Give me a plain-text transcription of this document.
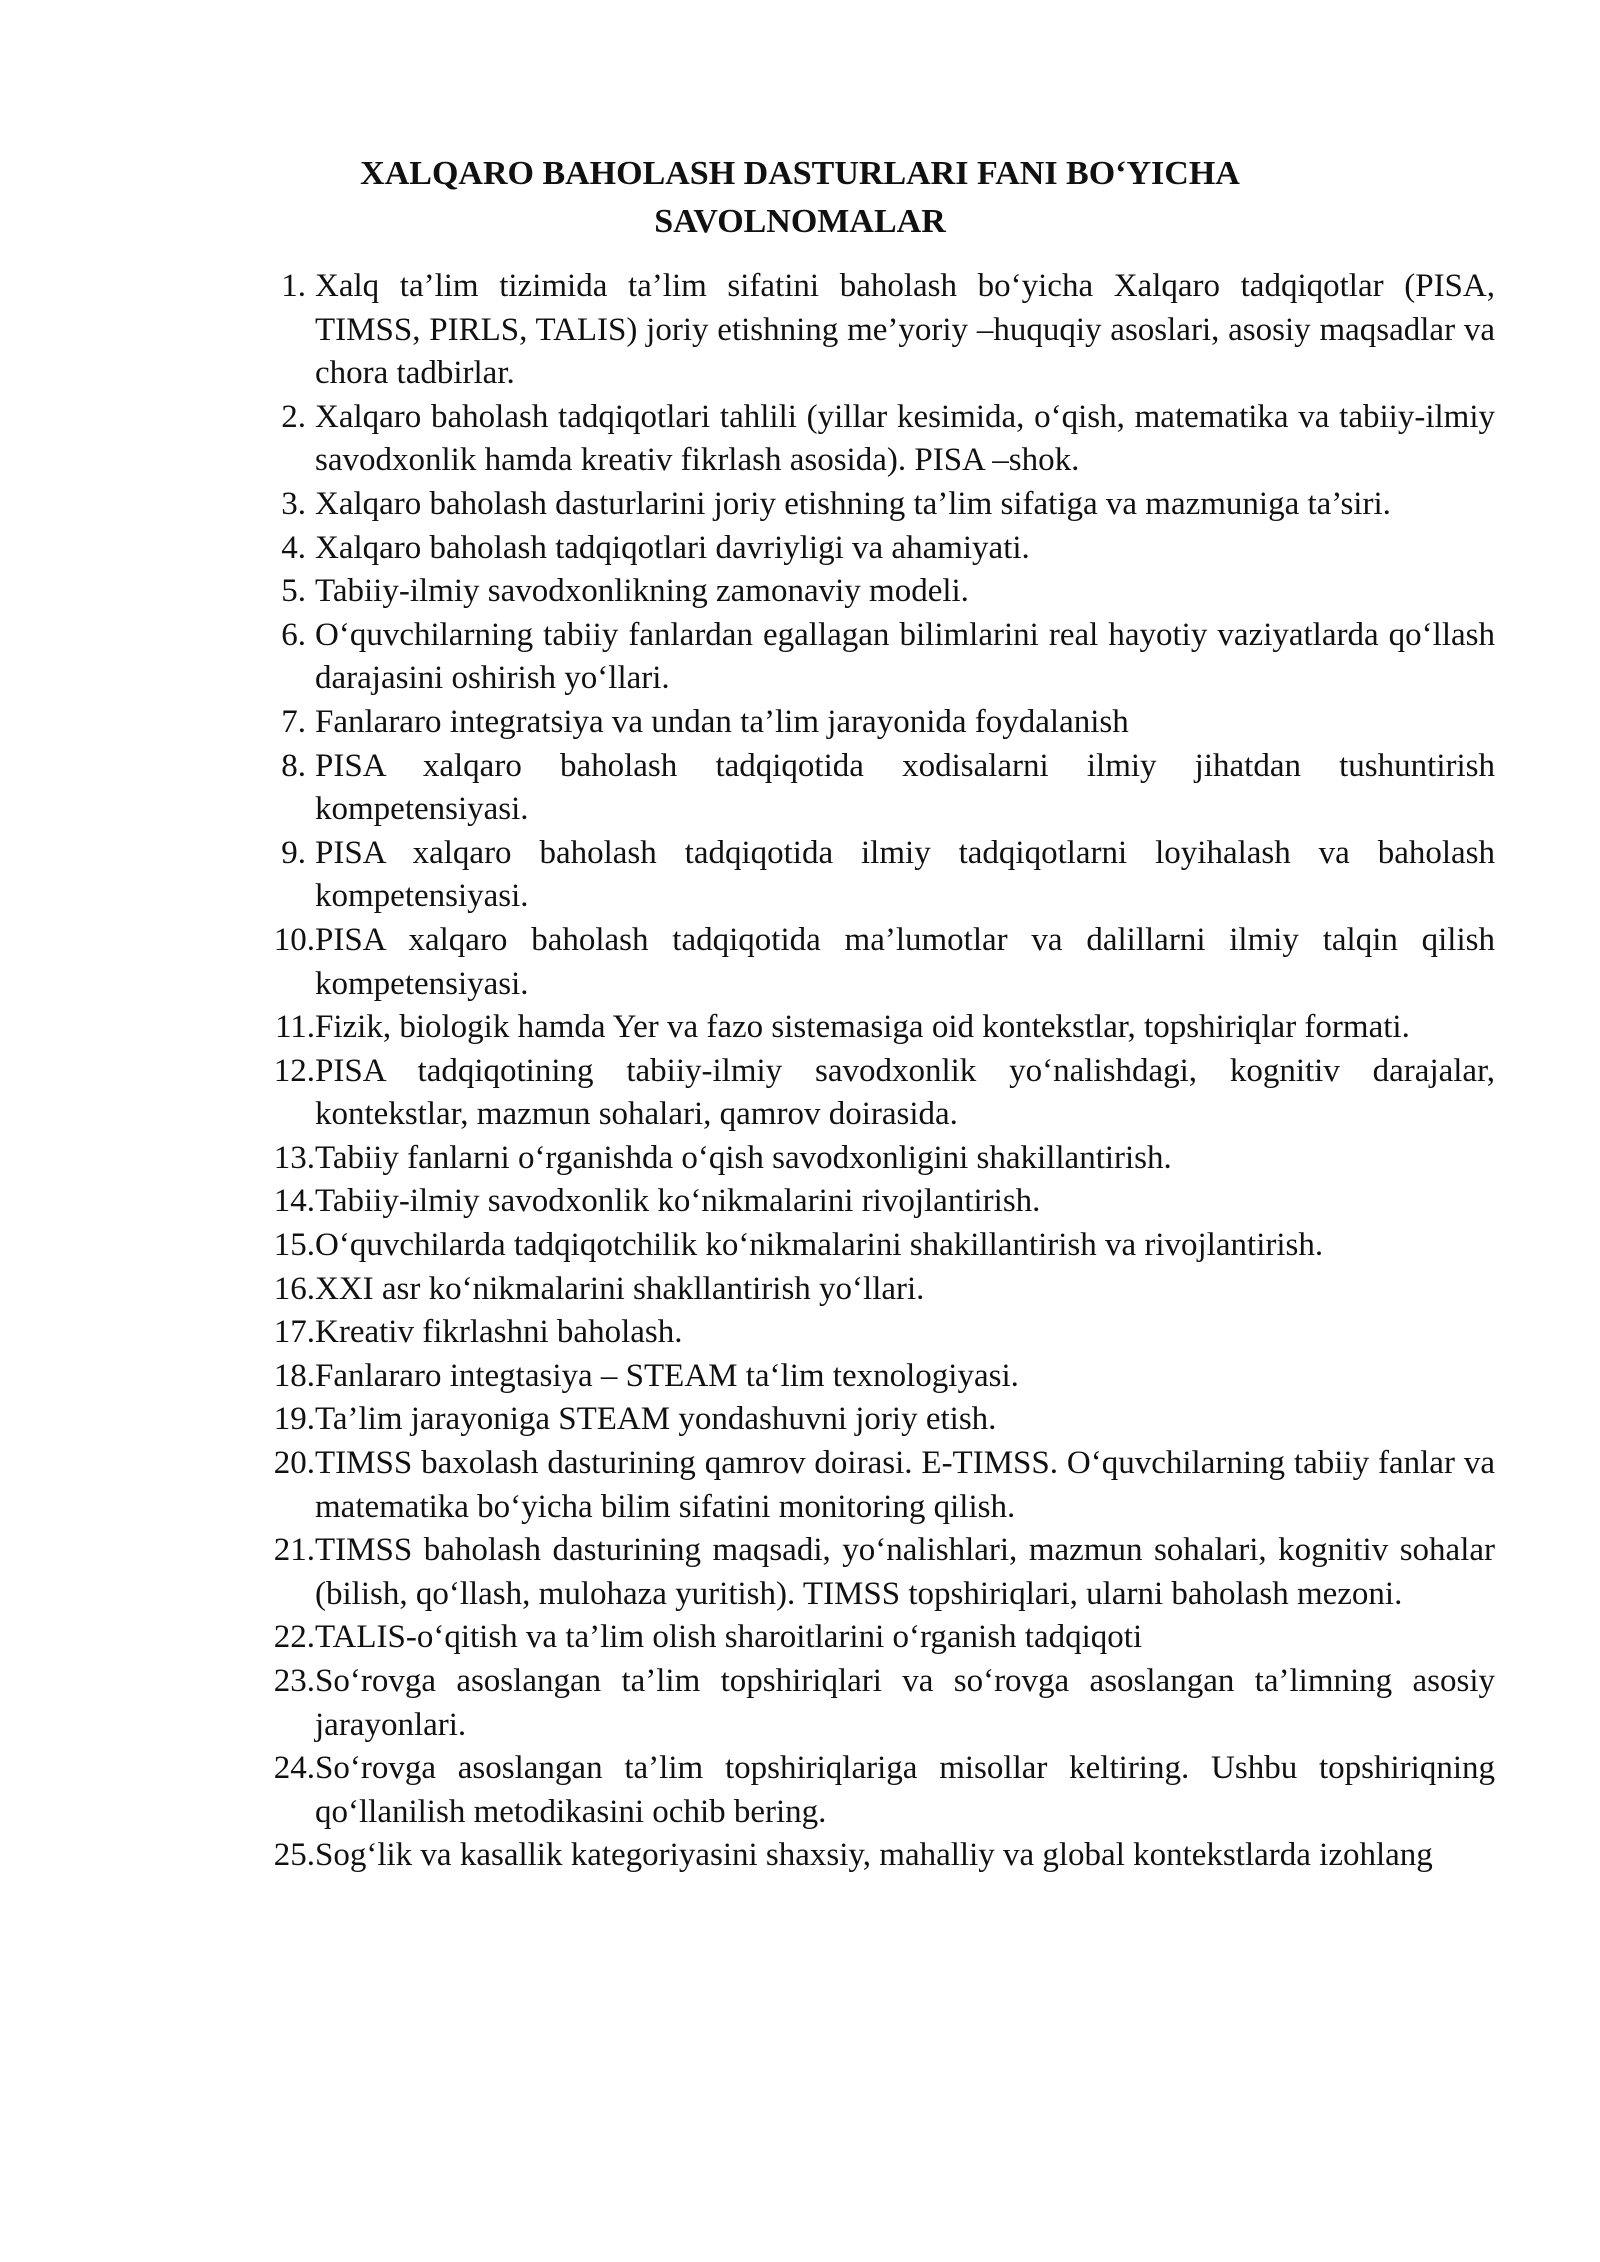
XALQARO BAHOLASH DASTURLARI FANI BO‘YICHA
SAVOLNOMALAR
1. Xalq ta’lim tizimida ta’lim sifatini baholash bo‘yicha Xalqaro tadqiqotlar (PISA, TIMSS, PIRLS, TALIS) joriy etishning me’yoriy –huquqiy asoslari, asosiy maqsadlar va chora tadbirlar.
2. Xalqaro baholash tadqiqotlari tahlili (yillar kesimida, o‘qish, matematika va tabiiy-ilmiy savodxonlik hamda kreativ fikrlash asosida). PISA –shok.
3. Xalqaro baholash dasturlarini joriy etishning ta’lim sifatiga va mazmuniga ta’siri.
4. Xalqaro baholash tadqiqotlari davriyligi va ahamiyati.
5. Tabiiy-ilmiy savodxonlikning zamonaviy modeli.
6. O‘quvchilarning tabiiy fanlardan egallagan bilimlarini real hayotiy vaziyatlarda qo‘llash darajasini oshirish yo‘llari.
7. Fanlararo integratsiya va undan ta’lim jarayonida foydalanish
8. PISA xalqaro baholash tadqiqotida xodisalarni ilmiy jihatdan tushuntirish kompetensiyasi.
9. PISA xalqaro baholash tadqiqotida ilmiy tadqiqotlarni loyihalash va baholash kompetensiyasi.
10. PISA xalqaro baholash tadqiqotida ma’lumotlar va dalillarni ilmiy talqin qilish kompetensiyasi.
11. Fizik, biologik hamda Yer va fazo sistemasiga oid kontekstlar, topshiriqlar formati.
12. PISA tadqiqotining tabiiy-ilmiy savodxonlik yo‘nalishdagi, kognitiv darajalar, kontekstlar, mazmun sohalari, qamrov doirasida.
13. Tabiiy fanlarni o‘rganishda o‘qish savodxonligini shakillantirish.
14. Tabiiy-ilmiy savodxonlik ko‘nikmalarini rivojlantirish.
15. O‘quvchilarda tadqiqotchilik ko‘nikmalarini shakillantirish va rivojlantirish.
16. XXI asr ko‘nikmalarini shakllantirish yo‘llari.
17. Kreativ fikrlashni baholash.
18. Fanlararo integtasiya – STEAM ta‘lim texnologiyasi.
19. Ta’lim jarayoniga STEAM yondashuvni joriy etish.
20. TIMSS baxolash dasturining qamrov doirasi. E-TIMSS. O‘quvchilarning tabiiy fanlar va matematika bo‘yicha bilim sifatini monitoring qilish.
21. TIMSS baholash dasturining maqsadi, yo‘nalishlari, mazmun sohalari, kognitiv sohalar (bilish, qo‘llash, mulohaza yuritish). TIMSS topshiriqlari, ularni baholash mezoni.
22. TALIS-o‘qitish va ta’lim olish sharoitlarini o‘rganish tadqiqoti
23. So‘rovga asoslangan ta’lim topshiriqlari va so‘rovga asoslangan ta’limning asosiy jarayonlari.
24. So‘rovga asoslangan ta’lim topshiriqlariga misollar keltiring. Ushbu topshiriqning qo‘llanilish metodikasini ochib bering.
25. Sog‘lik va kasallik kategoriyasini shaxsiy, mahalliy va global kontekstlarda izohlang
